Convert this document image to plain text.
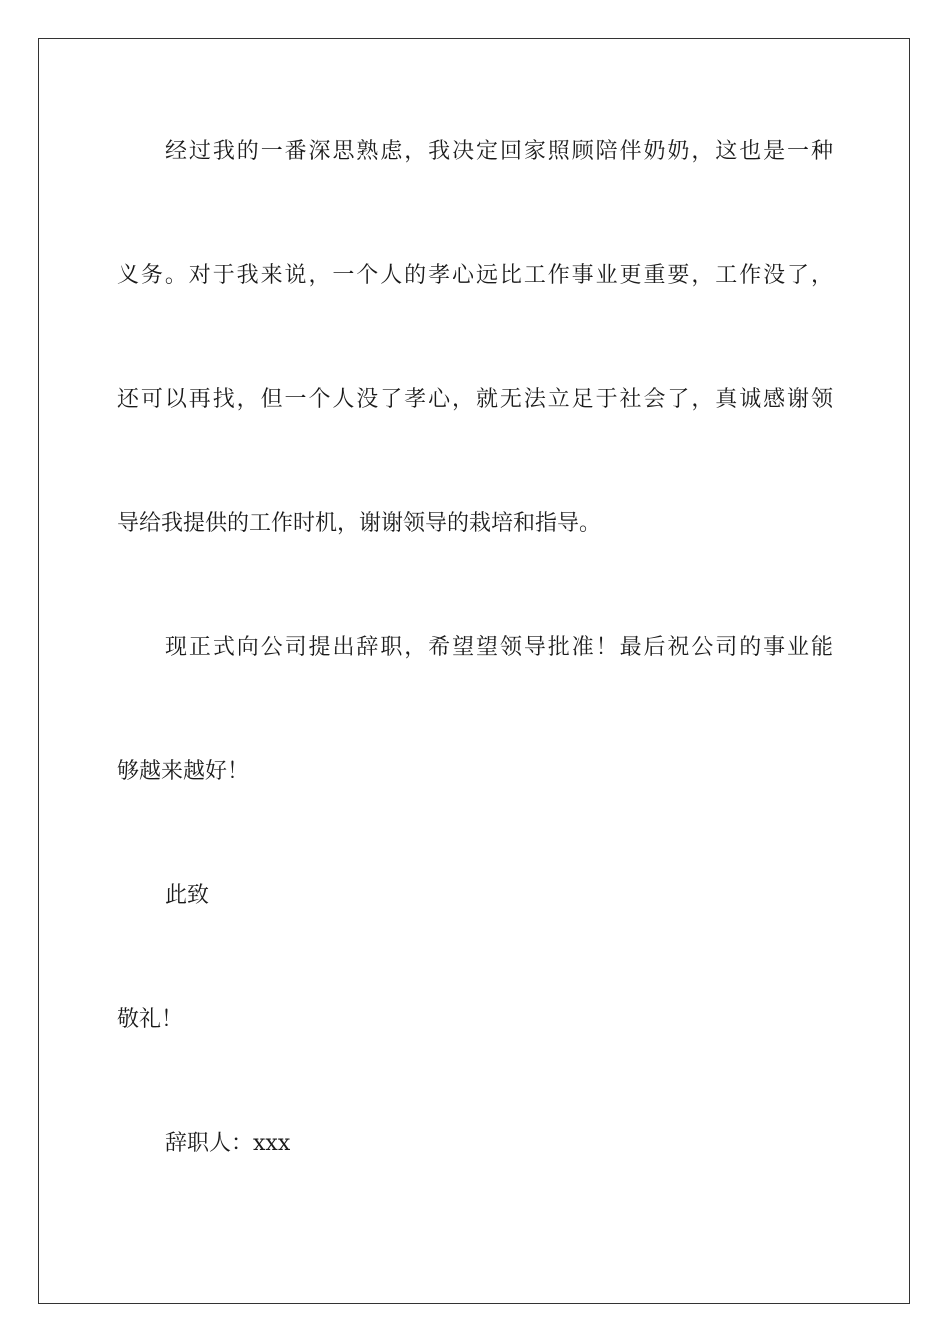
经过我的一番深思熟虑，我决定回家照顾陪伴奶奶，这也是一种
义务。对于我来说，一个人的孝心远比工作事业更重要，工作没了，
还可以再找，但一个人没了孝心，就无法立足于社会了，真诚感谢领
导给我提供的工作时机，谢谢领导的栽培和指导。
现正式向公司提出辞职，希望望领导批准！最后祝公司的事业能
够越来越好！
此致
敬礼！
辞职人：xxx
